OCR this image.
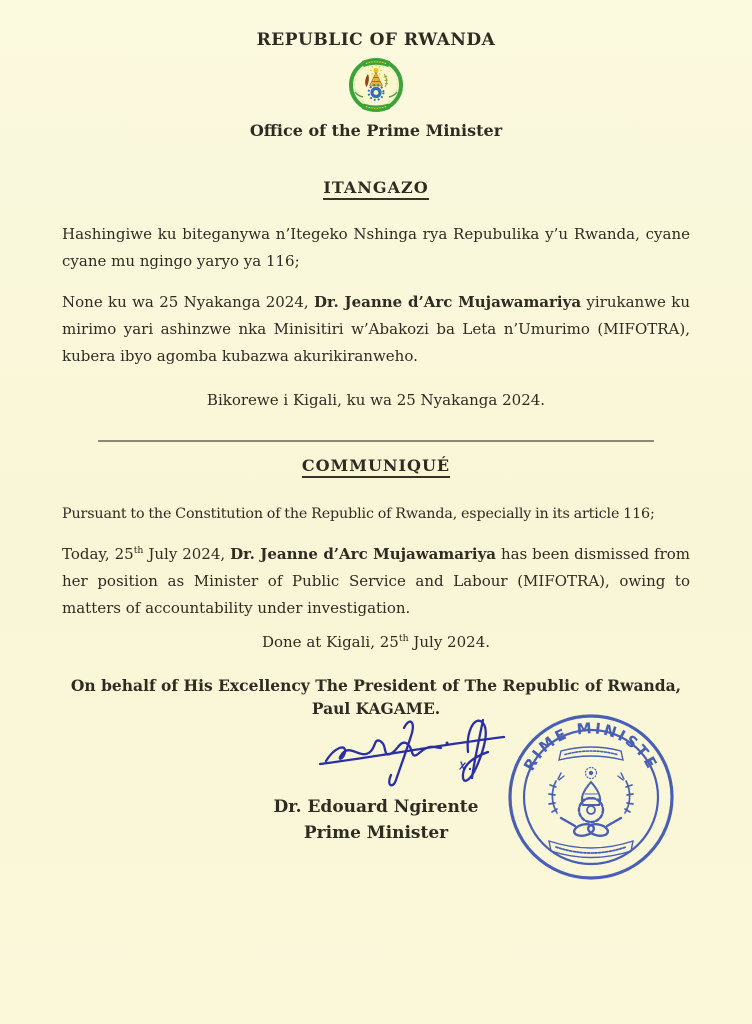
REPUBLIC OF RWANDA
Office of the Prime Minister
ITANGAZO

Hashingiwe ku biteganywa n’Itegeko Nshinga rya Repubulika y’u Rwanda, cyane cyane mu ngingo yaryo ya 116;

None ku wa 25 Nyakanga 2024, Dr. Jeanne d’Arc Mujawamariya yirukanwe ku mirimo yari ashinzwe nka Minisitiri w’Abakozi ba Leta n’Umurimo (MIFOTRA), kubera ibyo agomba kubazwa akurikiranweho.

Bikorewe i Kigali, ku wa 25 Nyakanga 2024.
COMMUNIQUÉ

Pursuant to the Constitution of the Republic of Rwanda, especially in its article 116;

Today, 25th July 2024, Dr. Jeanne d’Arc Mujawamariya has been dismissed from her position as Minister of Public Service and Labour (MIFOTRA), owing to matters of accountability under investigation.

Done at Kigali, 25th July 2024.
On behalf of His Excellency The President of The Republic of Rwanda,
Paul KAGAME.
Dr. Edouard Ngirente
Prime Minister
PRIME MINISTER
